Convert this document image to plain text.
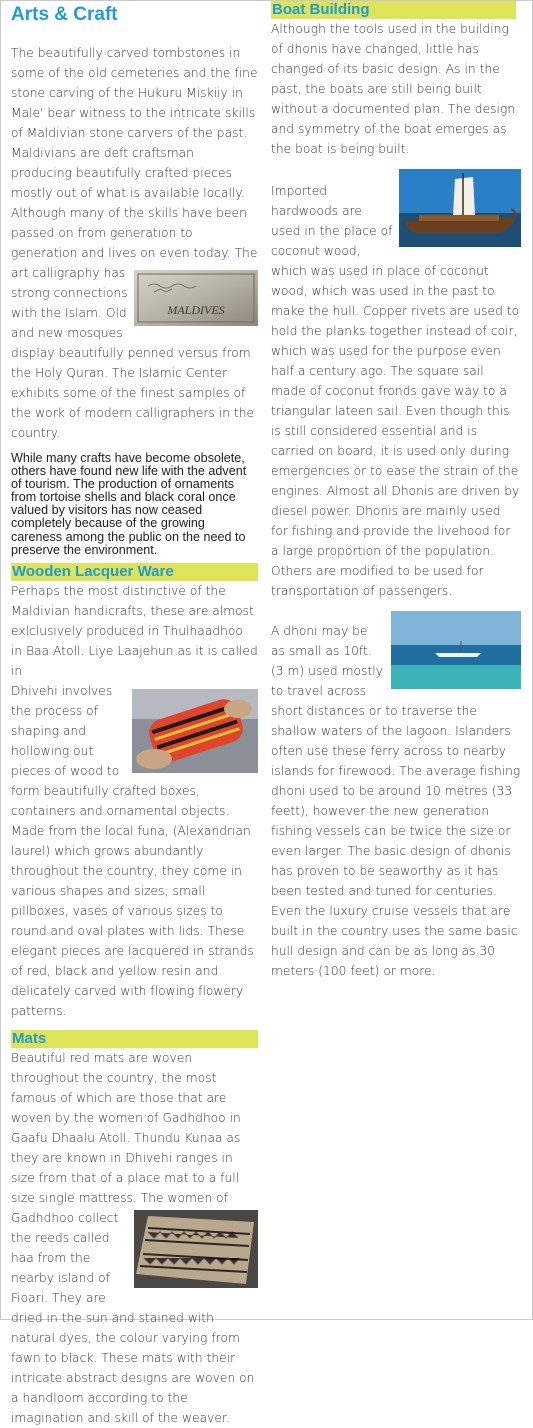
Arts & Craft

The beautifully carved tombstones in some of the old cemeteries and the fine stone carving of the Hukuru Miskiiy in Male' bear witness to the intricate skills of Maldivian stone carvers of the past. Maldivians are deft craftsman producing beautifully crafted pieces mostly out of what is available locally. Although many of the skills have been passed on from generation to generation and lives on even today. The

MALDIVES

art calligraphy has strong connections with the Islam. Old and new mosques display beautifully penned versus from the Holy Quran. The Islamic Center exhibits some of the finest samples of the work of modern calligraphers in the country.

While many crafts have become obsolete, others have found new life with the advent of tourism. The production of ornaments from tortoise shells and black coral once valued by visitors has now ceased completely because of the growing careness among the public on the need to preserve the environment.

Wooden Lacquer Ware

Perhaps the most distinctive of the Maldivian handicrafts, these are almost exlclusively produced in Thulhaadhoo in Baa Atoll. Liye Laajehun as it is called in

Dhivehi involves the process of shaping and hollowing out pieces of wood to form beautifully crafted boxes, containers and ornamental objects. Made from the local funa, (Alexandrian laurel) which grows abundantly throughout the country, they come in various shapes and sizes; small pillboxes, vases of various sizes to round and oval plates with lids. These elegant pieces are lacquered in strands of red, black and yellow resin and delicately carved with flowing flowery patterns.

Mats

Beautiful red mats are woven throughout the country, the most famous of which are those that are woven by the women of Gadhdhoo in Gaafu Dhaalu Atoll. Thundu Kunaa as they are known in Dhivehi ranges in size from that of a place mat to a full size single mattress. The women of

Gadhdhoo collect the reeds called haa from the nearby island of Fioari. They are dried in the sun and stained with natural dyes, the colour varying from fawn to black. These mats with their intricate abstract designs are woven on a handloom according to the imagination and skill of the weaver.

Boat Building

Although the tools used in the building of dhonis have changed, little has changed of its basic design. As in the past, the boats are still being built without a documented plan. The design and symmetry of the boat emerges as the boat is being built.

Imported hardwoods are used in the place of coconut wood, which was used in place of coconut wood, which was used in the past to make the hull. Copper rivets are used to hold the planks together instead of coir, which was used for the purpose even half a century ago. The square sail made of coconut fronds gave way to a triangular lateen sail. Even though this is still considered essential and is carried on board, it is used only during emergencies or to ease the strain of the engines. Almost all Dhonis are driven by diesel power. Dhonis are mainly used for fishing and provide the livehood for a large proportion of the population. Others are modified to be used for transportation of passengers.

A dhoni may be as small as 10ft. (3 m) used mostly to travel across short distances or to traverse the shallow waters of the lagoon. Islanders often use these ferry across to nearby islands for firewood. The average fishing dhoni used to be around 10 metres (33 feett), however the new generation fishing vessels can be twice the size or even larger. The basic design of dhonis has proven to be seaworthy as it has been tested and tuned for centuries. Even the luxury cruise vessels that are built in the country uses the same basic hull design and can be as long as 30 meters (100 feet) or more.
